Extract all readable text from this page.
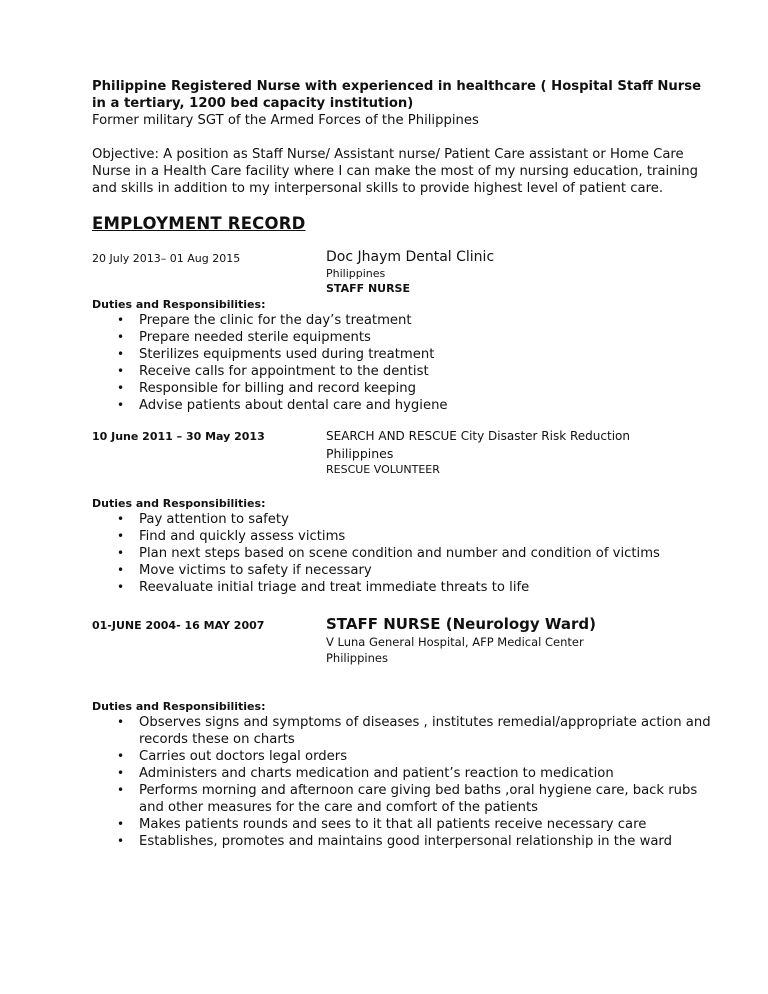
Philippine Registered Nurse with experienced in healthcare ( Hospital Staff Nurse in a tertiary, 1200 bed capacity institution)

Former military SGT of the Armed Forces of the Philippines

Objective: A position as Staff Nurse/ Assistant nurse/ Patient Care assistant or Home Care Nurse in a Health Care facility where I can make the most of my nursing education, training and skills in addition to my interpersonal skills to provide highest level of patient care.

EMPLOYMENT RECORD
20 July 2013– 01 Aug 2015	Doc Jhaym Dental Clinic
Philippines
STAFF NURSE

Duties and Responsibilities:

• Prepare the clinic for the day’s treatment
• Prepare needed sterile equipments
• Sterilizes equipments used during treatment
• Receive calls for appointment to the dentist
• Responsible for billing and record keeping
• Advise patients about dental care and hygiene
10 June 2011 – 30 May 2013	SEARCH AND RESCUE City Disaster Risk Reduction
Philippines
RESCUE VOLUNTEER

Duties and Responsibilities:

• Pay attention to safety
• Find and quickly assess victims
• Plan next steps based on scene condition and number and condition of victims
• Move victims to safety if necessary
• Reevaluate initial triage and treat immediate threats to life
01-JUNE 2004- 16 MAY 2007	STAFF NURSE (Neurology Ward)
V Luna General Hospital, AFP Medical Center
Philippines

Duties and Responsibilities:

• Observes signs and symptoms of diseases , institutes remedial/appropriate action and records these on charts
• Carries out doctors legal orders
• Administers and charts medication and patient’s reaction to medication
• Performs morning and afternoon care giving bed baths ,oral hygiene care, back rubs and other measures for the care and comfort of the patients
• Makes patients rounds and sees to it that all patients receive necessary care
• Establishes, promotes and maintains good interpersonal relationship in the ward
